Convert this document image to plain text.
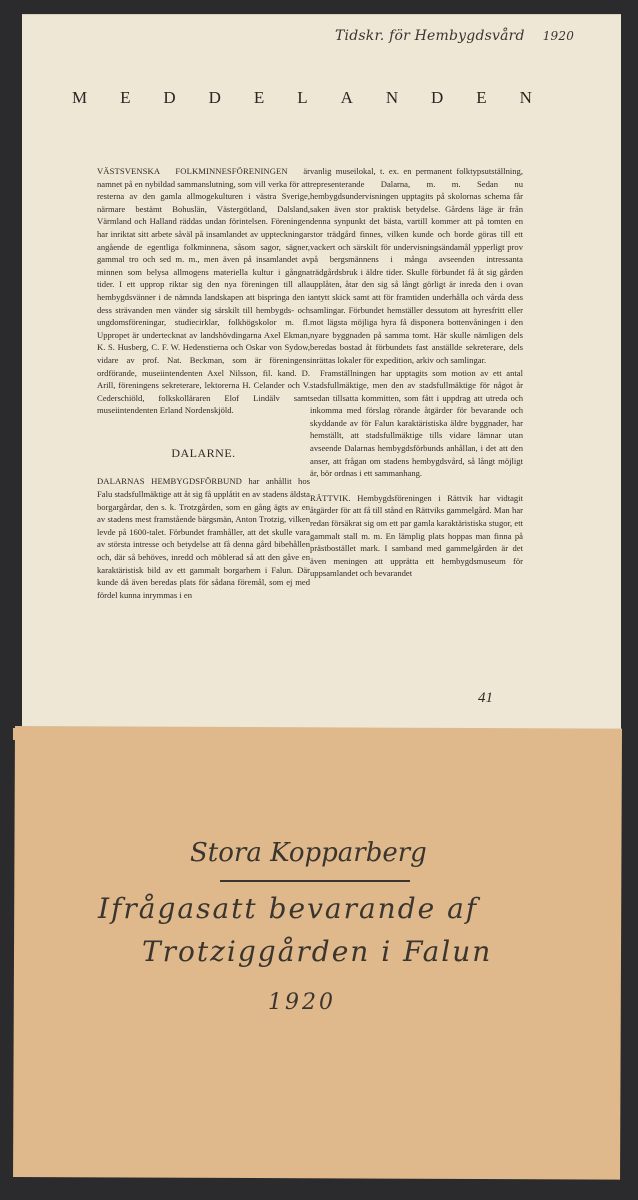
Tidskr. för Hembygdsvård 1920
M E D D E L A N D E N

VÄSTSVENSKA FOLKMINNESFÖRENINGEN är namnet på en nybildad sammanslutning, som vill verka för att resterna av den gamla allmogekulturen i västra Sverige, närmare bestämt Bohuslän, Västergötland, Dalsland, Värmland och Halland räddas undan förintelsen. Föreningen har inriktat sitt arbete såväl på insamlandet av uppteckningar angående de egentliga folkminnena, såsom sagor, sägner, gammal tro och sed m. m., men även på insamlandet av minnen som belysa allmogens materiella kultur i gångna tider. I ett upprop riktar sig den nya föreningen till alla hembygdsvänner i de nämnda landskapen att bispringa den i dess strävanden men vänder sig särskilt till hembygds- och ungdomsföreningar, studiecirklar, folkhögskolor m. fl. Uppropet är undertecknat av landshövdingarna Axel Ekman, K. S. Husberg, C. F. W. Hedenstierna och Oskar von Sydow, vidare av prof. Nat. Beckman, som är föreningens ordförande, museiintendenten Axel Nilsson, fil. kand. D. Arill, föreningens sekreterare, lektorerna H. Celander och V. Cederschiöld, folkskolläraren Elof Lindälv samt museiintendenten Erland Nordenskjöld.

DALARNE.

DALARNAS HEMBYGDSFÖRBUND har anhållit hos Falu stadsfullmäktige att åt sig få upplåtit en av stadens äldsta borgargårdar, den s. k. Trotzgården, som en gång ägts av en av stadens mest framstående bärgsmän, Anton Trotzig, vilken levde på 1600-talet. Förbundet framhåller, att det skulle vara av största intresse och betydelse att få denna gård bibehållen och, där så behöves, inredd och möblerad så att den gåve en karaktäristisk bild av ett gammalt borgarhem i Falun. Där kunde då även beredas plats för sådana föremål, som ej med fördel kunna inrymmas i en

vanlig museilokal, t. ex. en permanent folktypsutställning, representerande Dalarna, m. m. Sedan nu hembygdsundervisningen upptagits på skolornas schema får saken även stor praktisk betydelse. Gårdens läge är från denna synpunkt det bästa, vartill kommer att på tomten en stor trädgård finnes, vilken kunde och borde göras till ett vackert och särskilt för undervisningsändamål ypperligt prov på bergsmännens i många avseenden intressanta trädgårdsbruk i äldre tider. Skulle förbundet få åt sig gården upplåten, åtar den sig så långt görligt är inreda den i ovan antytt skick samt att för framtiden underhålla och vårda dess samlingar. Förbundet hemställer dessutom att hyresfritt eller mot lägsta möjliga hyra få disponera bottenvåningen i den nyare byggnaden på samma tomt. Här skulle nämligen dels beredas bostad åt förbundets fast anställde sekreterare, dels inrättas lokaler för expedition, arkiv och samlingar.

Framställningen har upptagits som motion av ett antal stadsfullmäktige, men den av stadsfullmäktige för något år sedan tillsatta kommitten, som fått i uppdrag att utreda och inkomma med förslag rörande åtgärder för bevarande och skyddande av för Falun karaktäristiska äldre byggnader, har hemställt, att stadsfullmäktige tills vidare lämnar utan avseende Dalarnas hembygdsförbunds anhållan, i det att den anser, att frågan om stadens hembygdsvård, så långt möjligt är, bör ordnas i ett sammanhang.

RÄTTVIK. Hembygdsföreningen i Rättvik har vidtagit åtgärder för att få till stånd en Rättviks gammelgård. Man har redan försäkrat sig om ett par gamla karaktäristiska stugor, ett gammalt stall m. m. En lämplig plats hoppas man finna på prästbostället mark. I samband med gammelgården är det även meningen att upprätta ett hembygdsmuseum för uppsamlandet och bevarandet

41
Stora Kopparberg
Ifrågasatt bevarande af
Trotziggården i Falun
1920
